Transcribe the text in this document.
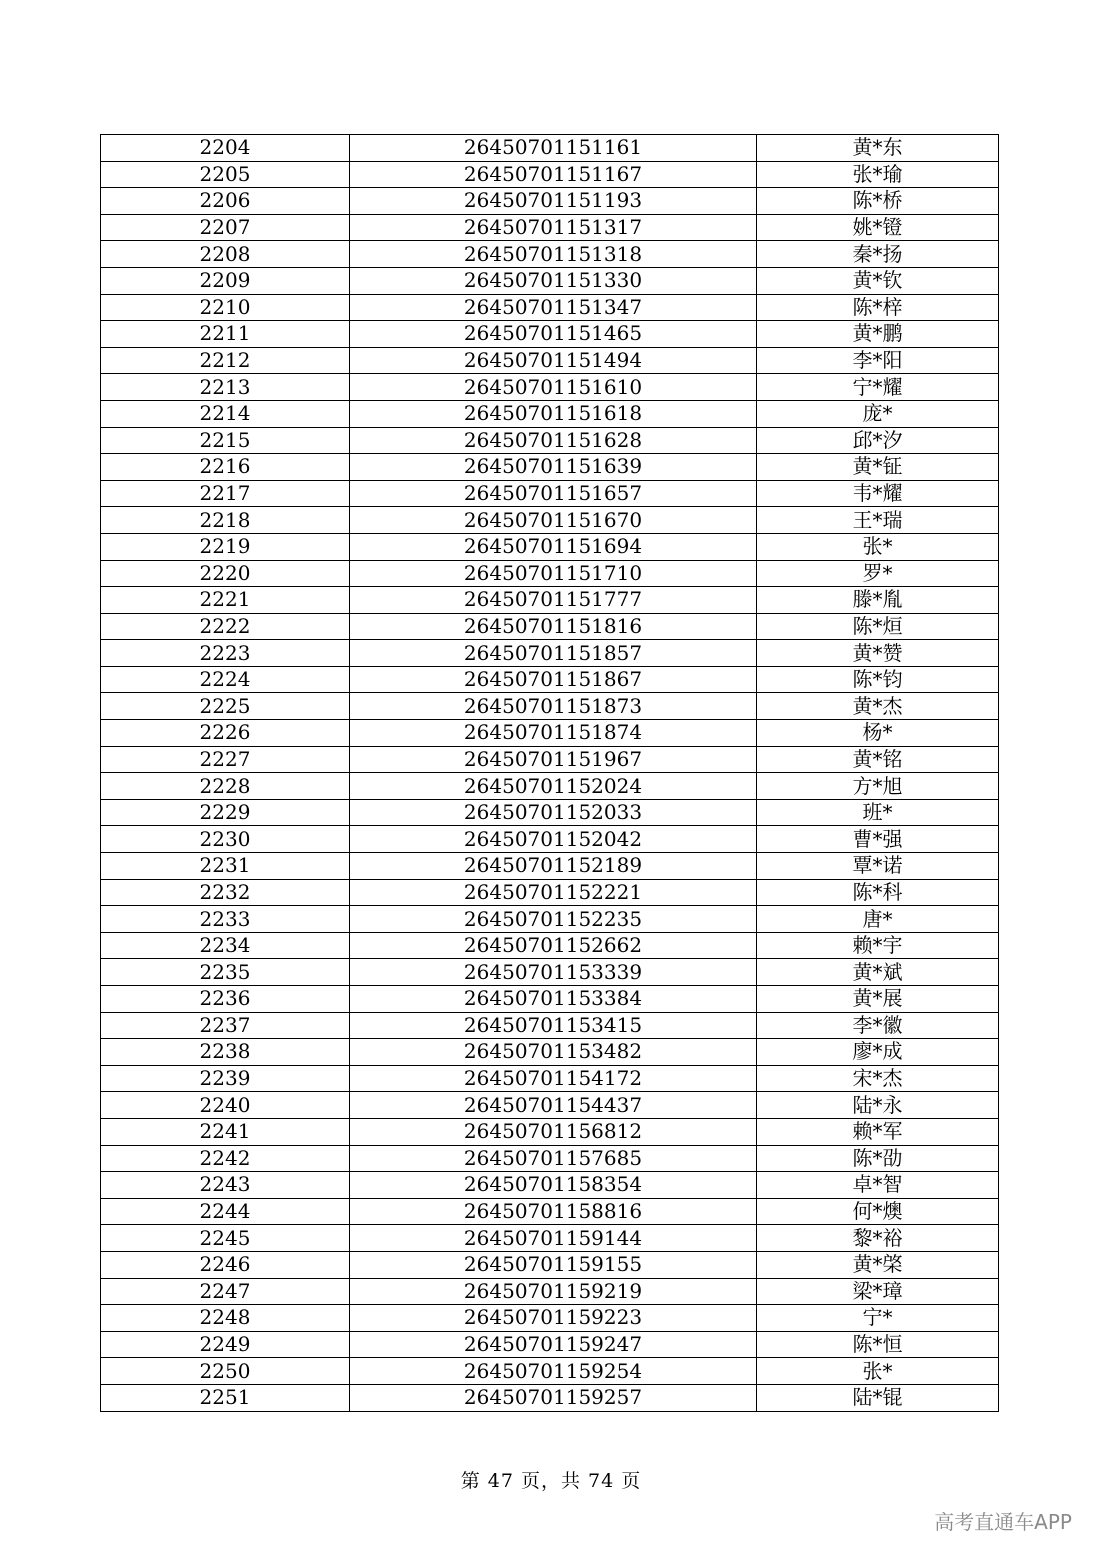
2204	26450701151161	黄*东
2205	26450701151167	张*瑜
2206	26450701151193	陈*桥
2207	26450701151317	姚*镫
2208	26450701151318	秦*扬
2209	26450701151330	黄*钦
2210	26450701151347	陈*梓
2211	26450701151465	黄*鹏
2212	26450701151494	李*阳
2213	26450701151610	宁*耀
2214	26450701151618	庞*
2215	26450701151628	邱*汐
2216	26450701151639	黄*钲
2217	26450701151657	韦*耀
2218	26450701151670	王*瑞
2219	26450701151694	张*
2220	26450701151710	罗*
2221	26450701151777	滕*胤
2222	26450701151816	陈*烜
2223	26450701151857	黄*赞
2224	26450701151867	陈*钧
2225	26450701151873	黄*杰
2226	26450701151874	杨*
2227	26450701151967	黄*铭
2228	26450701152024	方*旭
2229	26450701152033	班*
2230	26450701152042	曹*强
2231	26450701152189	覃*诺
2232	26450701152221	陈*科
2233	26450701152235	唐*
2234	26450701152662	赖*宇
2235	26450701153339	黄*斌
2236	26450701153384	黄*展
2237	26450701153415	李*徽
2238	26450701153482	廖*成
2239	26450701154172	宋*杰
2240	26450701154437	陆*永
2241	26450701156812	赖*军
2242	26450701157685	陈*劭
2243	26450701158354	卓*智
2244	26450701158816	何*燠
2245	26450701159144	黎*裕
2246	26450701159155	黄*棨
2247	26450701159219	梁*璋
2248	26450701159223	宁*
2249	26450701159247	陈*恒
2250	26450701159254	张*
2251	26450701159257	陆*锟
第 47 页，共 74 页
高考直通车APP
